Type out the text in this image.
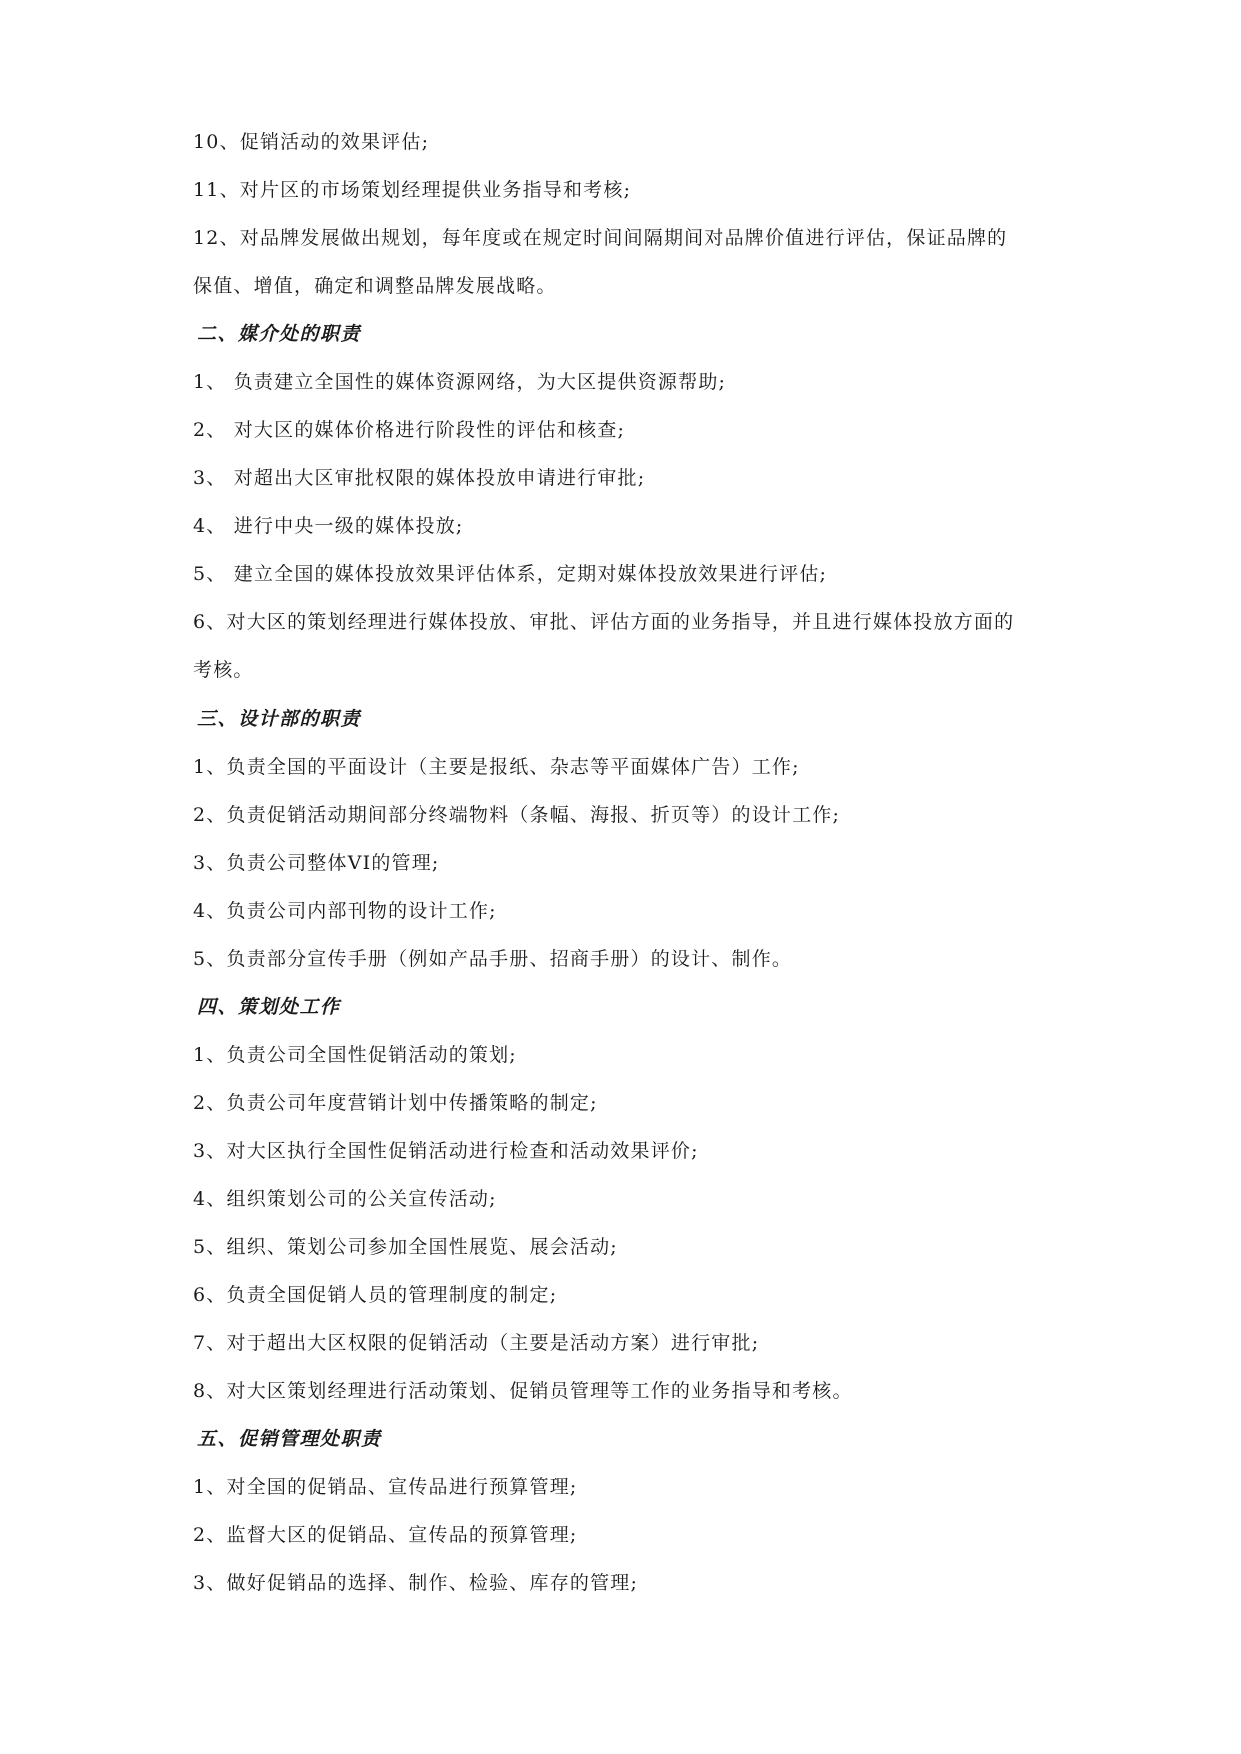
10、促销活动的效果评估;
11、对片区的市场策划经理提供业务指导和考核;
12、对品牌发展做出规划，每年度或在规定时间间隔期间对品牌价值进行评估，保证品牌的
保值、增值，确定和调整品牌发展战略。
二、媒介处的职责
1、 负责建立全国性的媒体资源网络，为大区提供资源帮助;
2、 对大区的媒体价格进行阶段性的评估和核查;
3、 对超出大区审批权限的媒体投放申请进行审批;
4、 进行中央一级的媒体投放;
5、 建立全国的媒体投放效果评估体系，定期对媒体投放效果进行评估;
6、对大区的策划经理进行媒体投放、审批、评估方面的业务指导，并且进行媒体投放方面的
考核。
三、设计部的职责
1、负责全国的平面设计（主要是报纸、杂志等平面媒体广告）工作;
2、负责促销活动期间部分终端物料（条幅、海报、折页等）的设计工作;
3、负责公司整体VI的管理;
4、负责公司内部刊物的设计工作;
5、负责部分宣传手册（例如产品手册、招商手册）的设计、制作。
四、策划处工作
1、负责公司全国性促销活动的策划;
2、负责公司年度营销计划中传播策略的制定;
3、对大区执行全国性促销活动进行检查和活动效果评价;
4、组织策划公司的公关宣传活动;
5、组织、策划公司参加全国性展览、展会活动;
6、负责全国促销人员的管理制度的制定;
7、对于超出大区权限的促销活动（主要是活动方案）进行审批;
8、对大区策划经理进行活动策划、促销员管理等工作的业务指导和考核。
五、促销管理处职责
1、对全国的促销品、宣传品进行预算管理;
2、监督大区的促销品、宣传品的预算管理;
3、做好促销品的选择、制作、检验、库存的管理;
